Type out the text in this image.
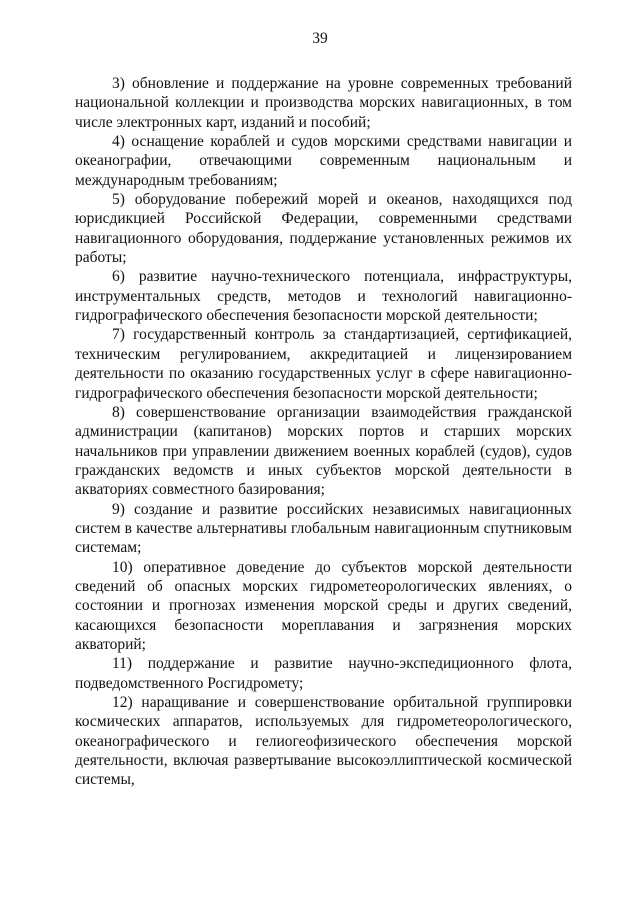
39

3) обновление и поддержание на уровне современных требований национальной коллекции и производства морских навигационных, в том числе электронных карт, изданий и пособий;

4) оснащение кораблей и судов морскими средствами навигации и океанографии, отвечающими современным национальным и международным требованиям;

5) оборудование побережий морей и океанов, находящихся под юрисдикцией Российской Федерации, современными средствами навигационного оборудования, поддержание установленных режимов их работы;

6) развитие научно-технического потенциала, инфраструктуры, инструментальных средств, методов и технологий навигационно-гидрографического обеспечения безопасности морской деятельности;

7) государственный контроль за стандартизацией, сертификацией, техническим регулированием, аккредитацией и лицензированием деятельности по оказанию государственных услуг в сфере навигационно-гидрографического обеспечения безопасности морской деятельности;

8) совершенствование организации взаимодействия гражданской администрации (капитанов) морских портов и старших морских начальников при управлении движением военных кораблей (судов), судов гражданских ведомств и иных субъектов морской деятельности в акваториях совместного базирования;

9) создание и развитие российских независимых навигационных систем в качестве альтернативы глобальным навигационным спутниковым системам;

10) оперативное доведение до субъектов морской деятельности сведений об опасных морских гидрометеорологических явлениях, о состоянии и прогнозах изменения морской среды и других сведений, касающихся безопасности мореплавания и загрязнения морских акваторий;

11) поддержание и развитие научно-экспедиционного флота, подведомственного Росгидромету;

12) наращивание и совершенствование орбитальной группировки космических аппаратов, используемых для гидрометеорологического, океанографического и гелиогеофизического обеспечения морской деятельности, включая развертывание высокоэллиптической космической системы,
